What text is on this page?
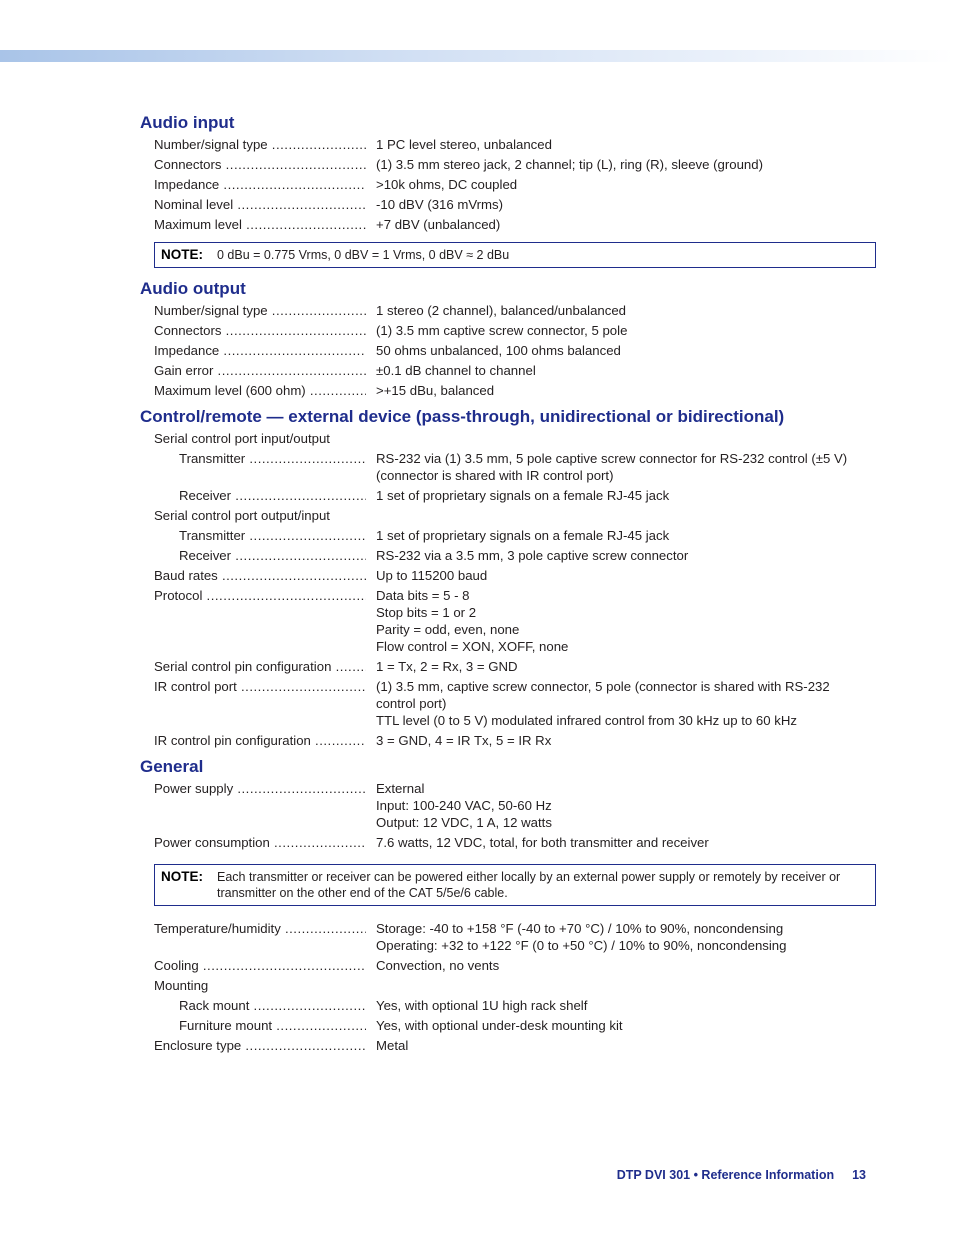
Audio input
Number/signal type .....	1 PC level stereo, unbalanced
Connectors .....	(1) 3.5 mm stereo jack, 2 channel; tip (L), ring (R), sleeve (ground)
Impedance .....	>10k ohms, DC coupled
Nominal level .....	-10 dBV (316 mVrms)
Maximum level .....	+7 dBV (unbalanced)
NOTE:	0 dBu = 0.775 Vrms, 0 dBV = 1 Vrms, 0 dBV ≈ 2 dBu
Audio output
Number/signal type .....	1 stereo (2 channel), balanced/unbalanced
Connectors .....	(1) 3.5 mm captive screw connector, 5 pole
Impedance .....	50 ohms unbalanced, 100 ohms balanced
Gain error .....	±0.1 dB channel to channel
Maximum level (600 ohm) .....	>+15 dBu, balanced
Control/remote — external device (pass-through, unidirectional or bidirectional)
Serial control port input/output
Transmitter .....	RS-232 via (1) 3.5 mm, 5 pole captive screw connector for RS-232 control (±5 V)
(connector is shared with IR control port)
Receiver .....	1 set of proprietary signals on a female RJ-45 jack
Serial control port output/input
Transmitter .....	1 set of proprietary signals on a female RJ-45 jack
Receiver .....	RS-232 via a 3.5 mm, 3 pole captive screw connector
Baud rates .....	Up to 115200 baud
Protocol .....	Data bits = 5 - 8
Stop bits = 1 or 2
Parity = odd, even, none
Flow control = XON, XOFF, none
Serial control pin configuration .....	1 = Tx, 2 = Rx, 3 = GND
IR control port .....	(1) 3.5 mm, captive screw connector, 5 pole (connector is shared with RS-232
control port)
TTL level (0 to 5 V) modulated infrared control from 30 kHz up to 60 kHz
IR control pin configuration .....	3 = GND, 4 = IR Tx, 5 = IR Rx
General
Power supply .....	External
Input: 100-240 VAC, 50-60 Hz
Output: 12 VDC, 1 A, 12 watts
Power consumption .....	7.6 watts, 12 VDC, total, for both transmitter and receiver
NOTE:	Each transmitter or receiver can be powered either locally by an external power supply or remotely by receiver or transmitter on the other end of the CAT 5/5e/6 cable.
Temperature/humidity .....	Storage: -40 to +158 °F (-40 to +70 °C) / 10% to 90%, noncondensing
Operating: +32 to +122 °F (0 to +50 °C) / 10% to 90%, noncondensing
Cooling .....	Convection, no vents
Mounting
Rack mount .....	Yes, with optional 1U high rack shelf
Furniture mount .....	Yes, with optional under-desk mounting kit
Enclosure type .....	Metal
DTP DVI 301 • Reference Information 13
